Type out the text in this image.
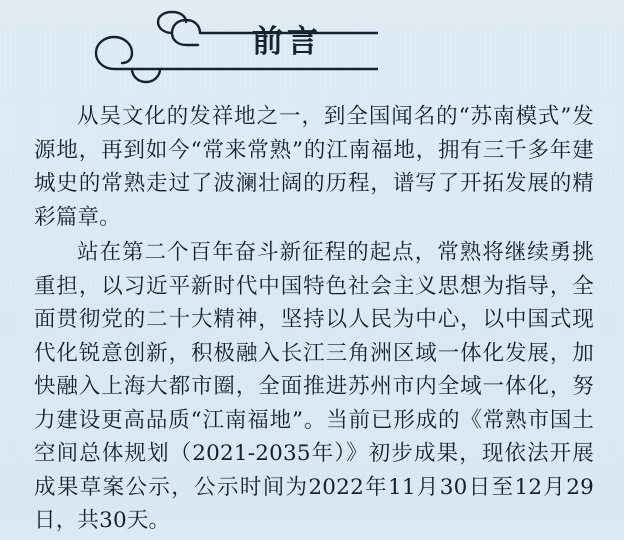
前言

从吴文化的发祥地之一，到全国闻名的“苏南模式”发源地，再到如今“常来常熟”的江南福地，拥有三千多年建城史的常熟走过了波澜壮阔的历程，谱写了开拓发展的精彩篇章。

站在第二个百年奋斗新征程的起点，常熟将继续勇挑重担，以习近平新时代中国特色社会主义思想为指导，全面贯彻党的二十大精神，坚持以人民为中心，以中国式现代化锐意创新，积极融入长江三角洲区域一体化发展，加快融入上海大都市圈，全面推进苏州市内全域一体化，努力建设更高品质“江南福地”。当前已形成的《常熟市国土空间总体规划（2021-2035年）》初步成果，现依法开展成果草案公示，公示时间为2022年11月30日至12月29日，共30天。
